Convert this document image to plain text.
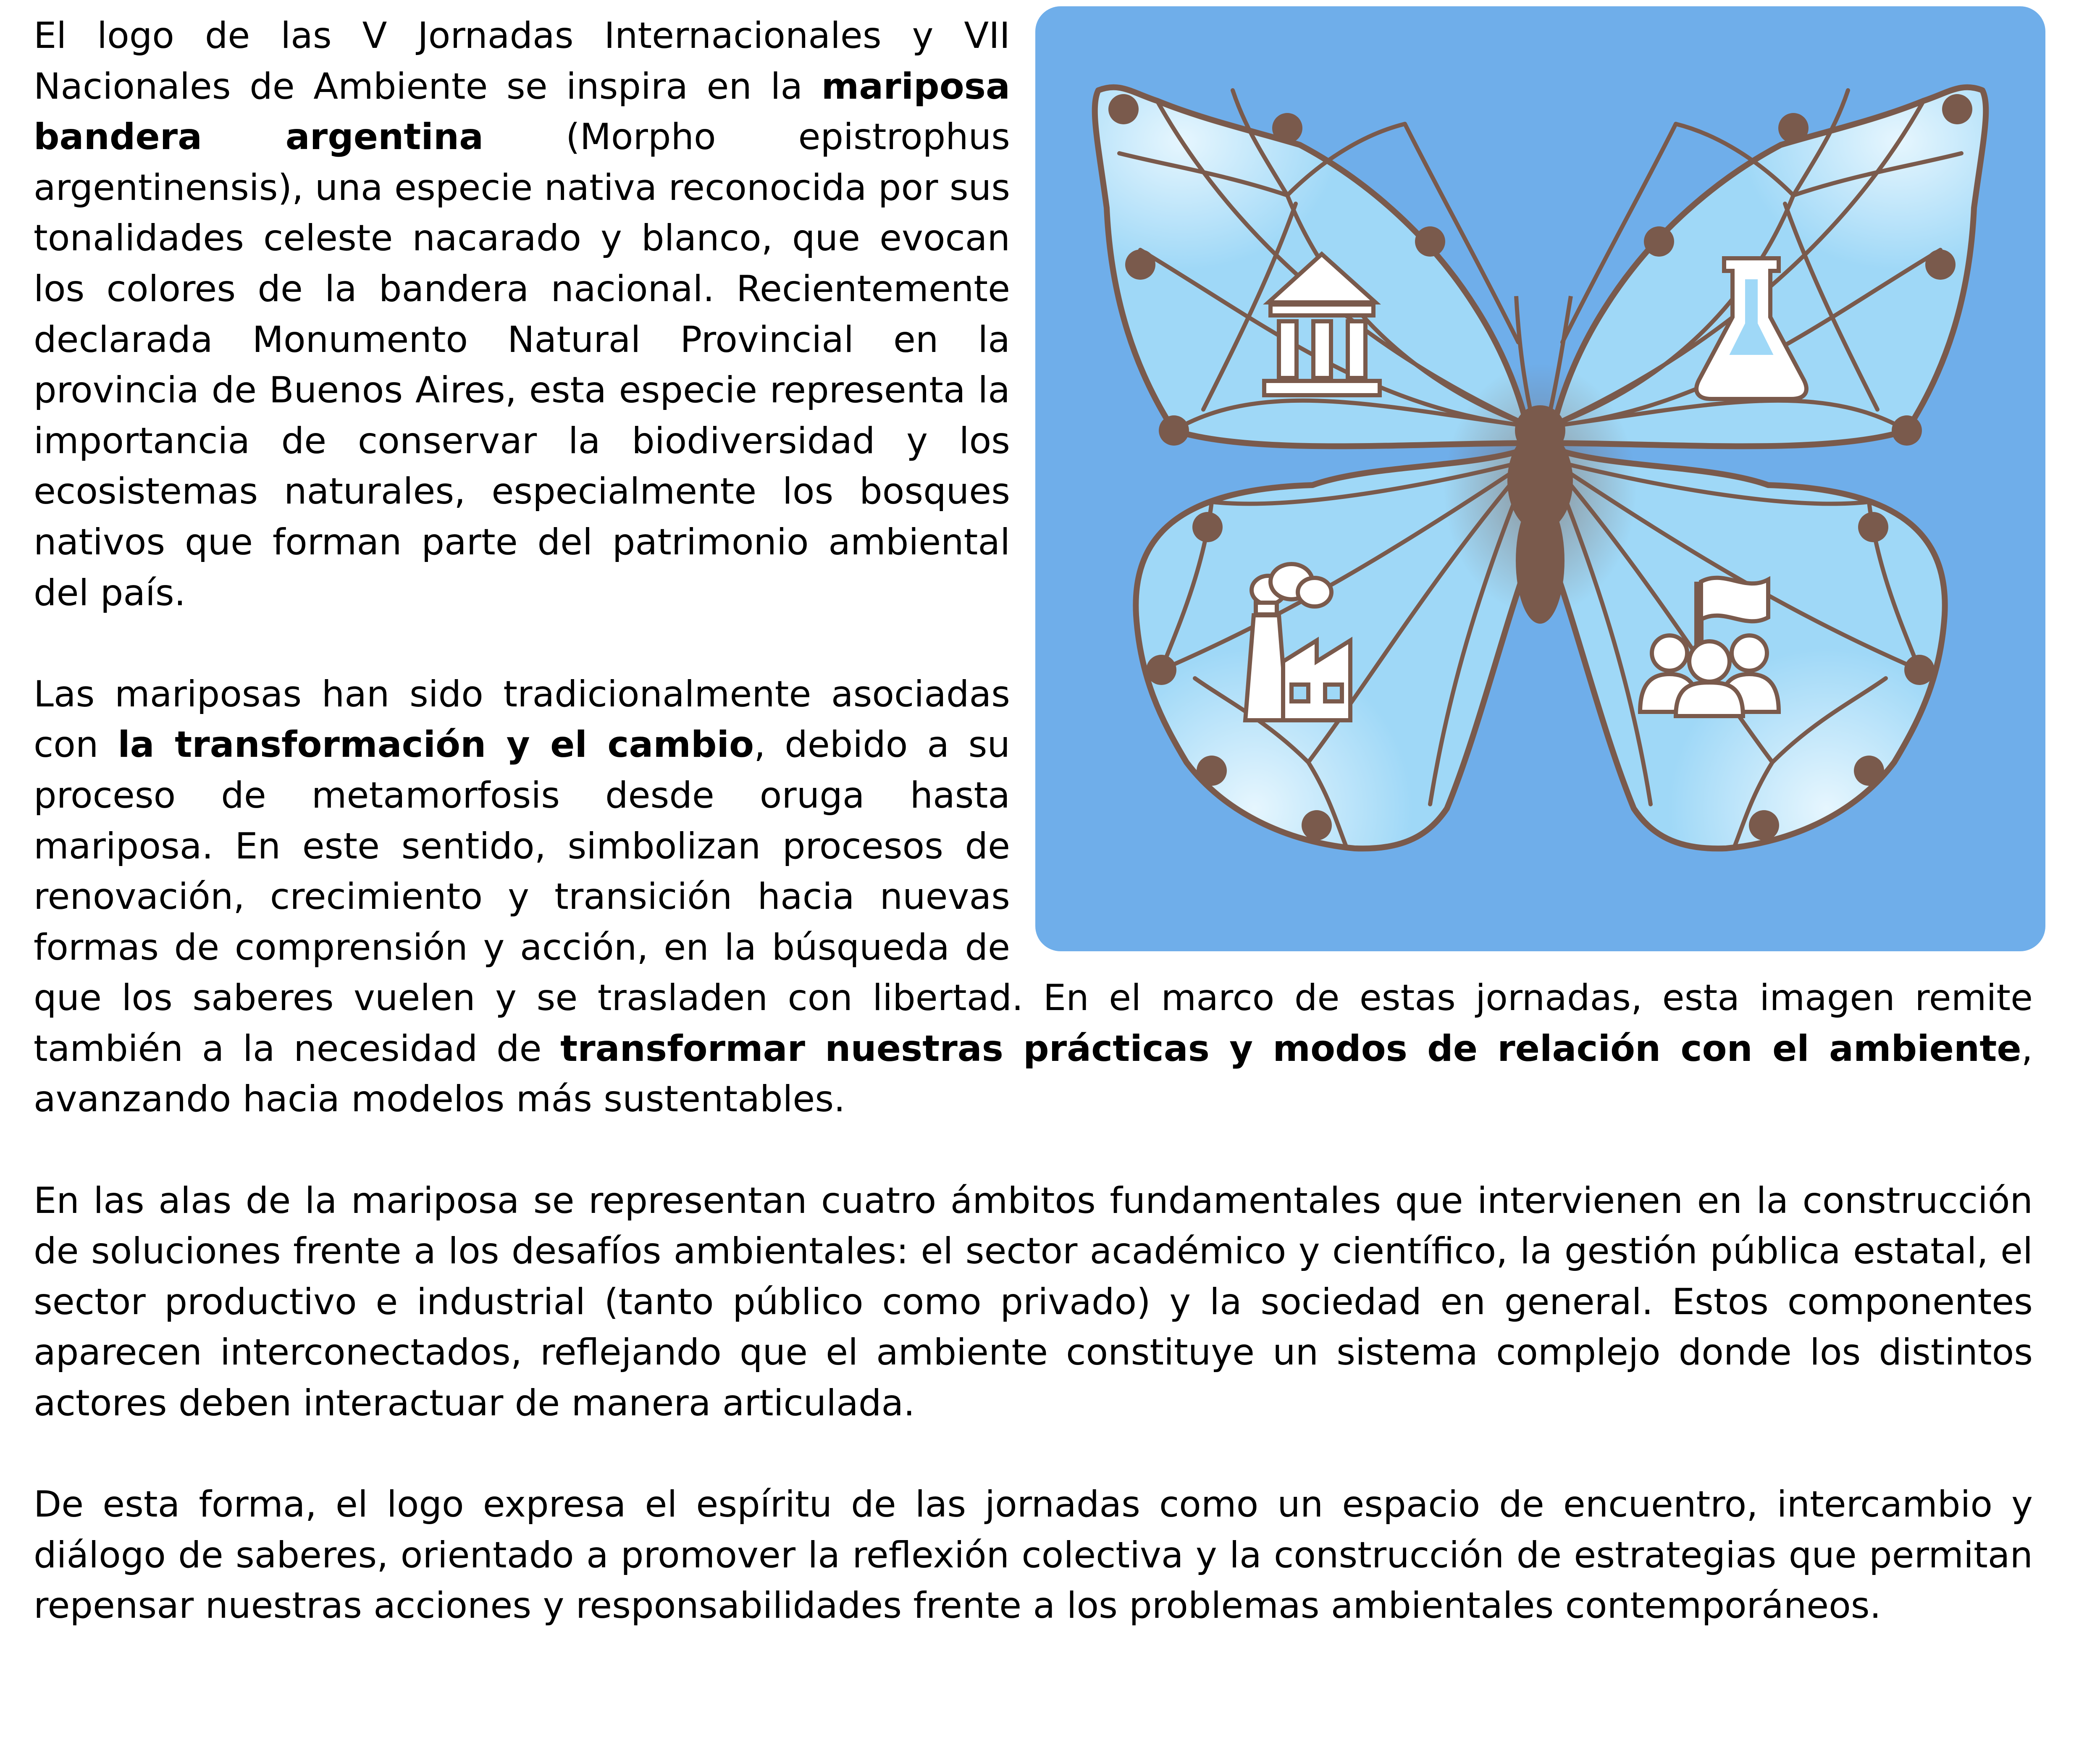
El logo de las V Jornadas Internacionales y VII Nacionales de Ambiente se inspira en la mariposa bandera argentina (Morpho epistrophus argentinensis), una especie nativa reconocida por sus tonalidades celeste nacarado y blanco, que evocan los colores de la bandera nacional. Recientemente declarada Monumento Natural Provincial en la provincia de Buenos Aires, esta especie representa la importancia de conservar la biodiversidad y los ecosistemas naturales, especialmente los bosques nativos que forman parte del patrimonio ambiental del país.

Las mariposas han sido tradicionalmente asociadas con la transformación y el cambio, debido a su proceso de metamorfosis desde oruga hasta mariposa. En este sentido, simbolizan procesos de renovación, crecimiento y transición hacia nuevas formas de comprensión y acción, en la búsqueda de que los saberes vuelen y se trasladen con libertad. En el marco de estas jornadas, esta imagen remite también a la necesidad de transformar nuestras prácticas y modos de relación con el ambiente, avanzando hacia modelos más sustentables.

En las alas de la mariposa se representan cuatro ámbitos fundamentales que intervienen en la construcción de soluciones frente a los desafíos ambientales: el sector académico y científico, la gestión pública estatal, el sector productivo e industrial (tanto público como privado) y la sociedad en general. Estos componentes aparecen interconectados, reflejando que el ambiente constituye un sistema complejo donde los distintos actores deben interactuar de manera articulada.

De esta forma, el logo expresa el espíritu de las jornadas como un espacio de encuentro, intercambio y diálogo de saberes, orientado a promover la reflexión colectiva y la construcción de estrategias que permitan repensar nuestras acciones y responsabilidades frente a los problemas ambientales contemporáneos.
